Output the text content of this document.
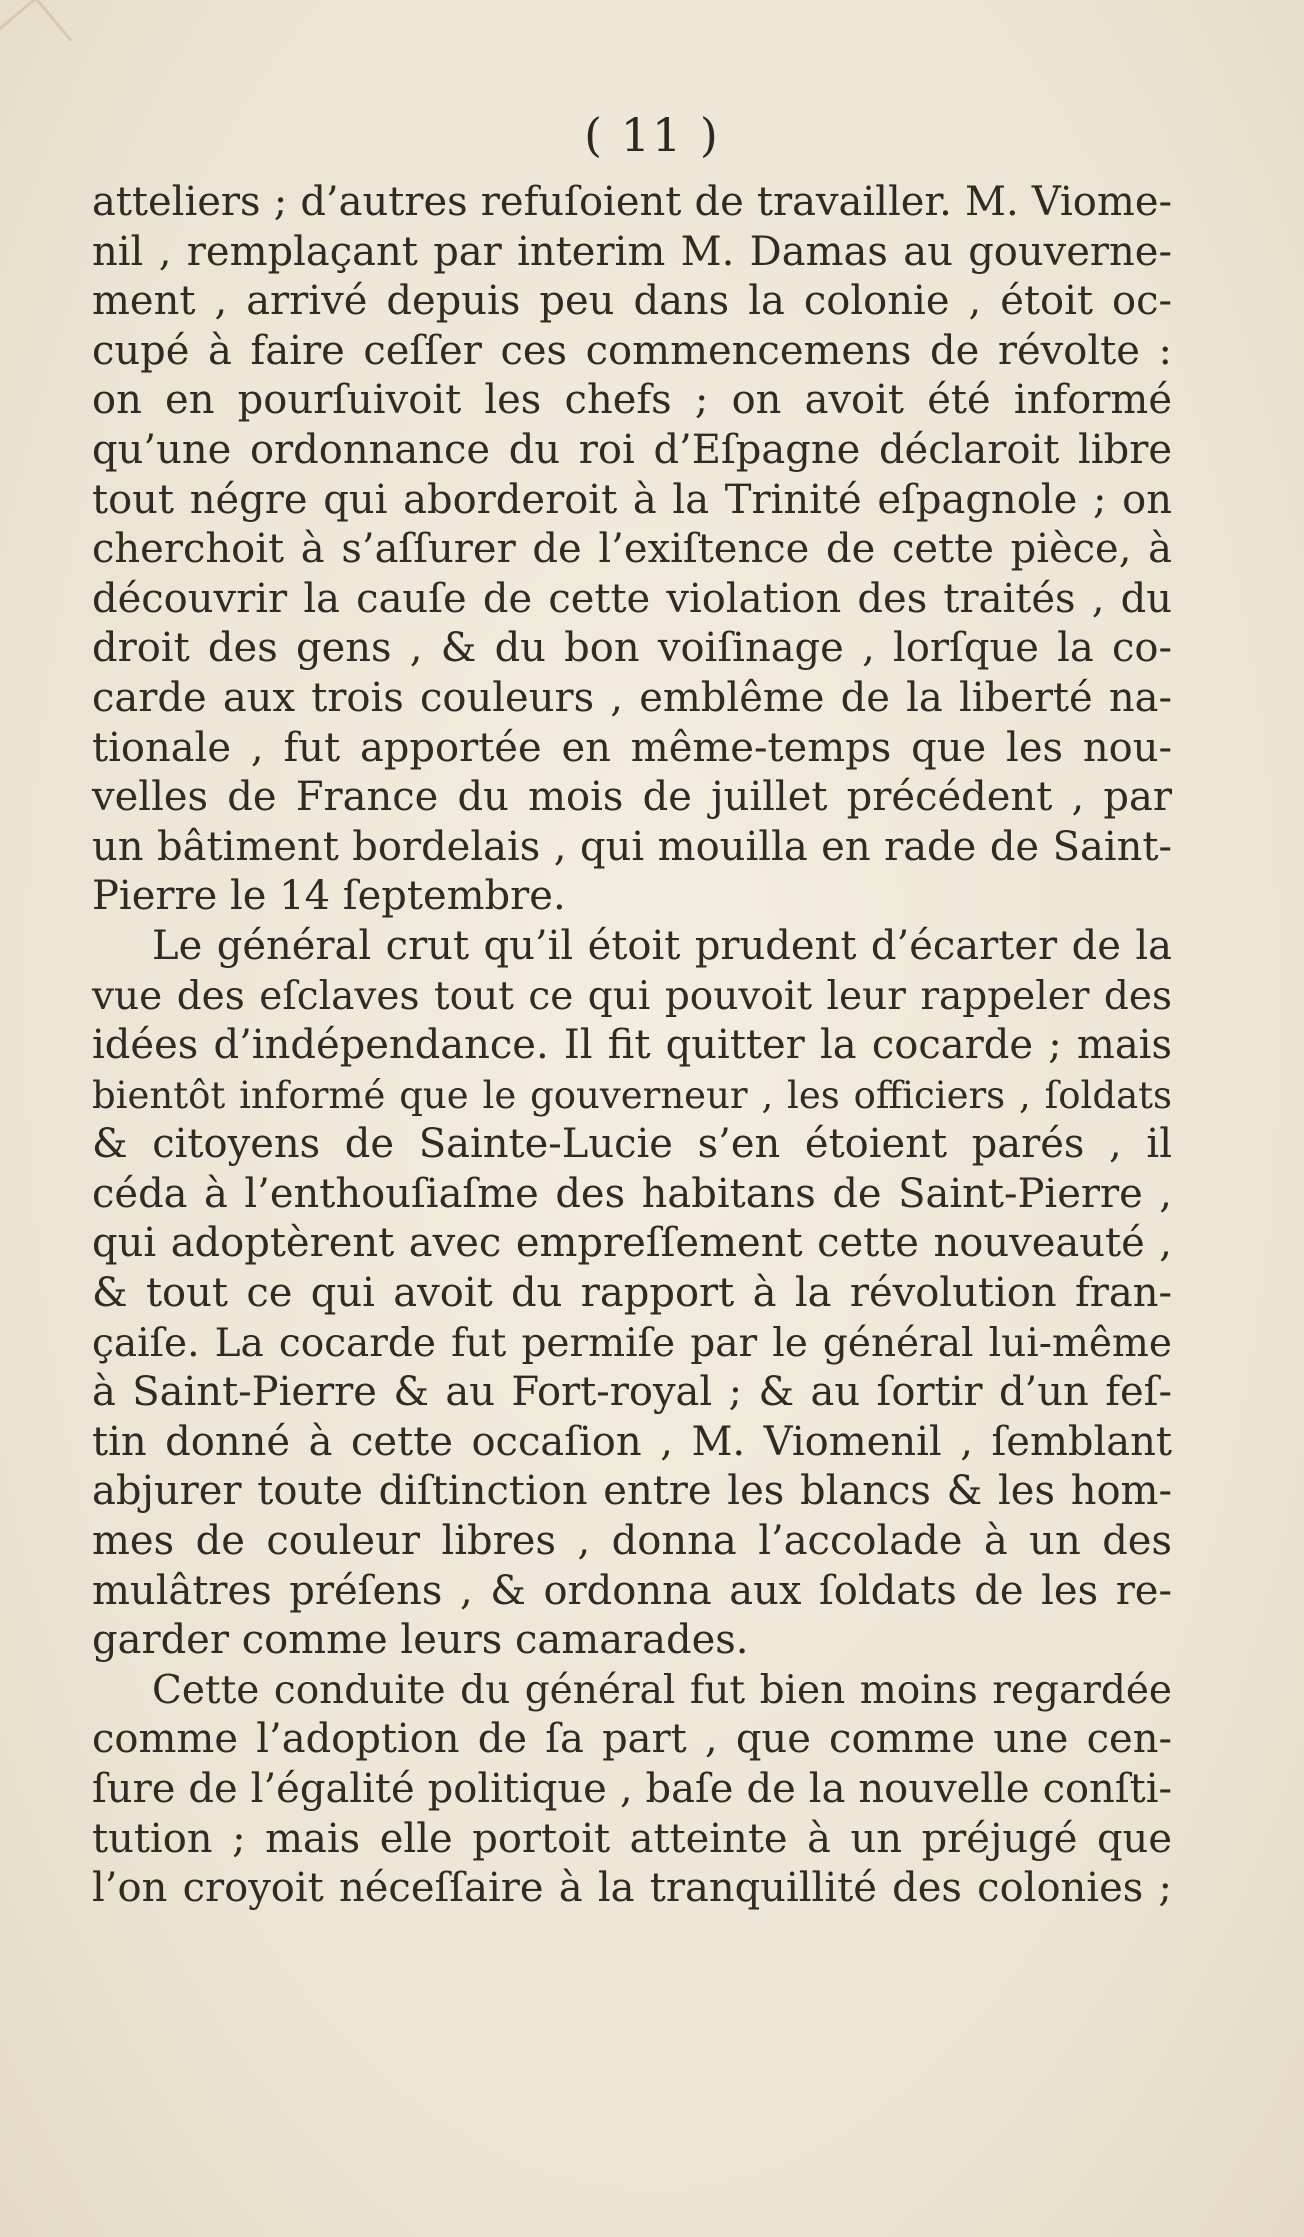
( 11 )
atteliers ; d’autres refuſoient de travailler. M. Viome-
nil , remplaçant par interim M. Damas au gouverne-
ment , arrivé depuis peu dans la colonie , étoit oc-
cupé à faire ceſſer ces commencemens de révolte :
on en pourſuivoit les chefs ; on avoit été informé
qu’une ordonnance du roi d’Eſpagne déclaroit libre
tout négre qui aborderoit à la Trinité eſpagnole ; on
cherchoit à s’aſſurer de l’exiſtence de cette pièce, à
découvrir la cauſe de cette violation des traités , du
droit des gens , & du bon voiſinage , lorſque la co-
carde aux trois couleurs , emblême de la liberté na-
tionale , fut apportée en même-temps que les nou-
velles de France du mois de juillet précédent , par
un bâtiment bordelais , qui mouilla en rade de Saint-
Pierre le 14 ſeptembre.
Le général crut qu’il étoit prudent d’écarter de la
vue des eſclaves tout ce qui pouvoit leur rappeler des
idées d’indépendance. Il fit quitter la cocarde ; mais
bientôt informé que le gouverneur , les officiers , ſoldats
& citoyens de Sainte-Lucie s’en étoient parés , il
céda à l’enthouſiaſme des habitans de Saint-Pierre ,
qui adoptèrent avec empreſſement cette nouveauté ,
& tout ce qui avoit du rapport à la révolution fran-
çaiſe. La cocarde fut permiſe par le général lui-même
à Saint-Pierre & au Fort-royal ; & au ſortir d’un feſ-
tin donné à cette occaſion , M. Viomenil , ſemblant
abjurer toute diſtinction entre les blancs & les hom-
mes de couleur libres , donna l’accolade à un des
mulâtres préſens , & ordonna aux ſoldats de les re-
garder comme leurs camarades.
Cette conduite du général fut bien moins regardée
comme l’adoption de ſa part , que comme une cen-
ſure de l’égalité politique , baſe de la nouvelle conſti-
tution ; mais elle portoit atteinte à un préjugé que
l’on croyoit néceſſaire à la tranquillité des colonies ;
